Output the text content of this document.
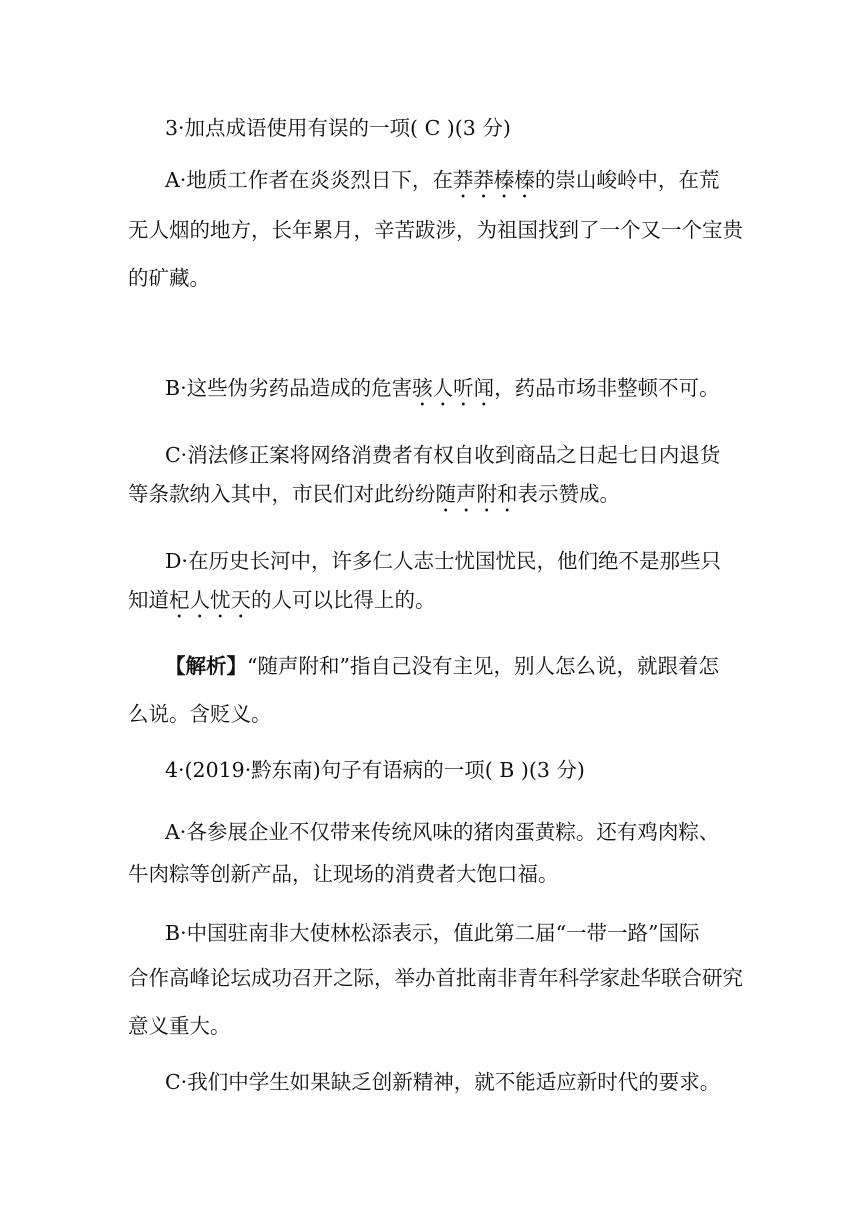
3·加点成语使用有误的一项( C )(3 分)
A·地质工作者在炎炎烈日下，在莽莽榛榛的崇山峻岭中，在荒
无人烟的地方，长年累月，辛苦跋涉，为祖国找到了一个又一个宝贵
的矿藏。
B·这些伪劣药品造成的危害骇人听闻，药品市场非整顿不可。
C·消法修正案将网络消费者有权自收到商品之日起七日内退货
等条款纳入其中，市民们对此纷纷随声附和表示赞成。
D·在历史长河中，许多仁人志士忧国忧民，他们绝不是那些只
知道杞人忧天的人可以比得上的。
【解析】“随声附和”指自己没有主见，别人怎么说，就跟着怎
么说。含贬义。
4·(2019·黔东南)句子有语病的一项( B )(3 分)
A·各参展企业不仅带来传统风味的猪肉蛋黄粽。还有鸡肉粽、
牛肉粽等创新产品，让现场的消费者大饱口福。
B·中国驻南非大使林松添表示，值此第二届“一带一路”国际
合作高峰论坛成功召开之际，举办首批南非青年科学家赴华联合研究
意义重大。
C·我们中学生如果缺乏创新精神，就不能适应新时代的要求。
